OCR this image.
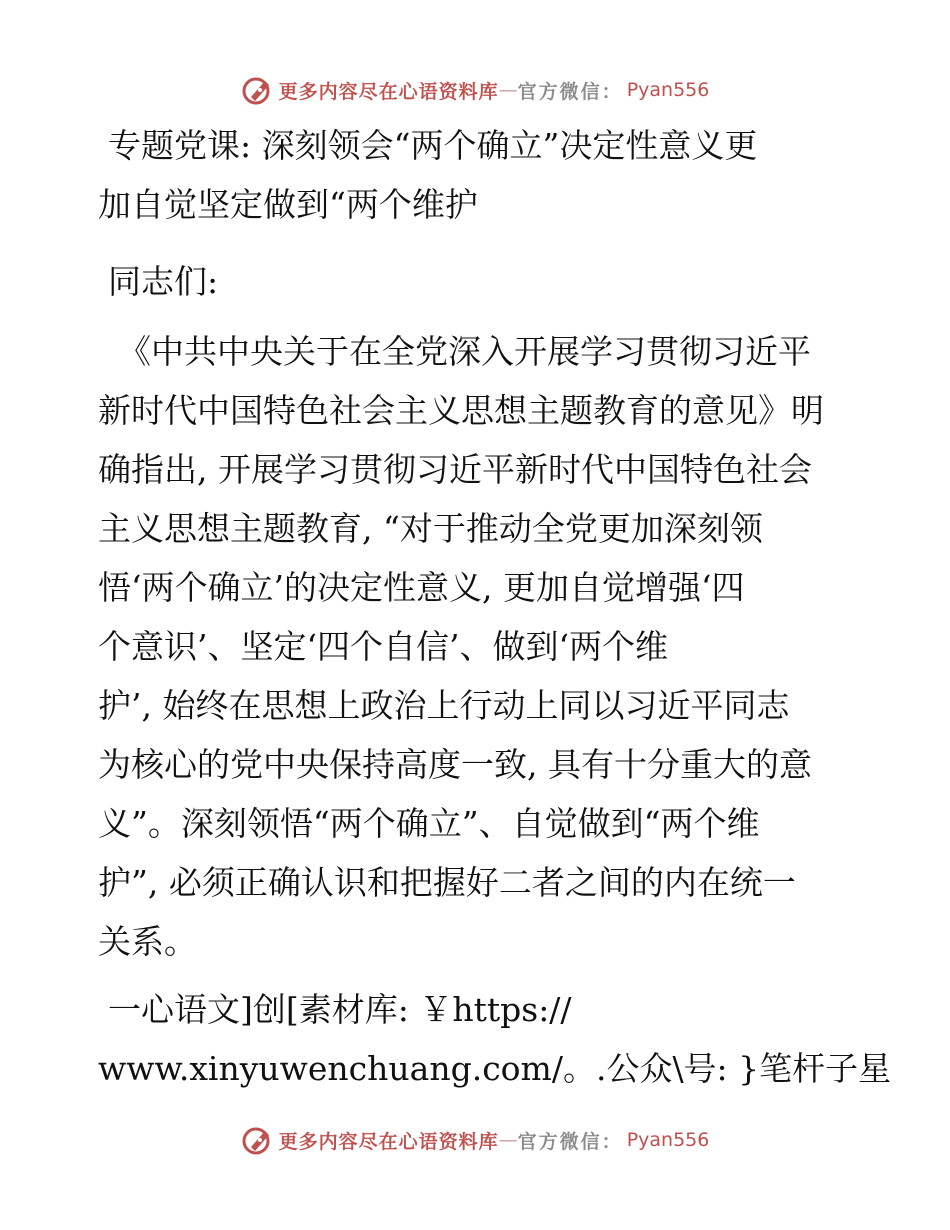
更多内容尽在心语资料库 — 官方微信： Pyan556
专题党课: 深刻领会“两个确立”决定性意义更
加自觉坚定做到“两个维护
同志们:
《中共中央关于在全党深入开展学习贯彻习近平
新时代中国特色社会主义思想主题教育的意见》明
确指出, 开展学习贯彻习近平新时代中国特色社会
主义思想主题教育, “对于推动全党更加深刻领
悟‘两个确立’的决定性意义, 更加自觉增强‘四
个意识’、坚定‘四个自信’、做到‘两个维
护’, 始终在思想上政治上行动上同以习近平同志
为核心的党中央保持高度一致, 具有十分重大的意
义”。深刻领悟“两个确立”、自觉做到“两个维
护”, 必须正确认识和把握好二者之间的内在统一
关系。
一心语文]创[素材库: ￥https://
www.xinyuwenchuang.com/。.公众\号: }笔杆子星
更多内容尽在心语资料库 — 官方微信： Pyan556
